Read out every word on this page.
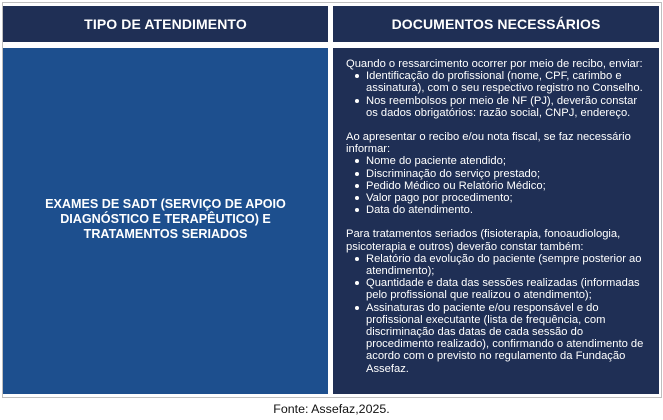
TIPO DE ATENDIMENTO	DOCUMENTOS NECESSÁRIOS
EXAMES DE SADT (SERVIÇO DE APOIO DIAGNÓSTICO E TERAPÊUTICO) E TRATAMENTOS SERIADOS

Quando o ressarcimento ocorrer por meio de recibo, enviar:

Identificação do profissional (nome, CPF, carimbo e assinatura), com o seu respectivo registro no Conselho.
Nos reembolsos por meio de NF (PJ), deverão constar os dados obrigatórios: razão social, CNPJ, endereço.

Ao apresentar o recibo e/ou nota fiscal, se faz necessário informar:

Nome do paciente atendido;
Discriminação do serviço prestado;
Pedido Médico ou Relatório Médico;
Valor pago por procedimento;
Data do atendimento.

Para tratamentos seriados (fisioterapia, fonoaudiologia, psicoterapia e outros) deverão constar também:

Relatório da evolução do paciente (sempre posterior ao atendimento);
Quantidade e data das sessões realizadas (informadas pelo profissional que realizou o atendimento);
Assinaturas do paciente e/ou responsável e do profissional executante (lista de frequência, com discriminação das datas de cada sessão do procedimento realizado), confirmando o atendimento de acordo com o previsto no regulamento da Fundação Assefaz.
Fonte: Assefaz,2025.
